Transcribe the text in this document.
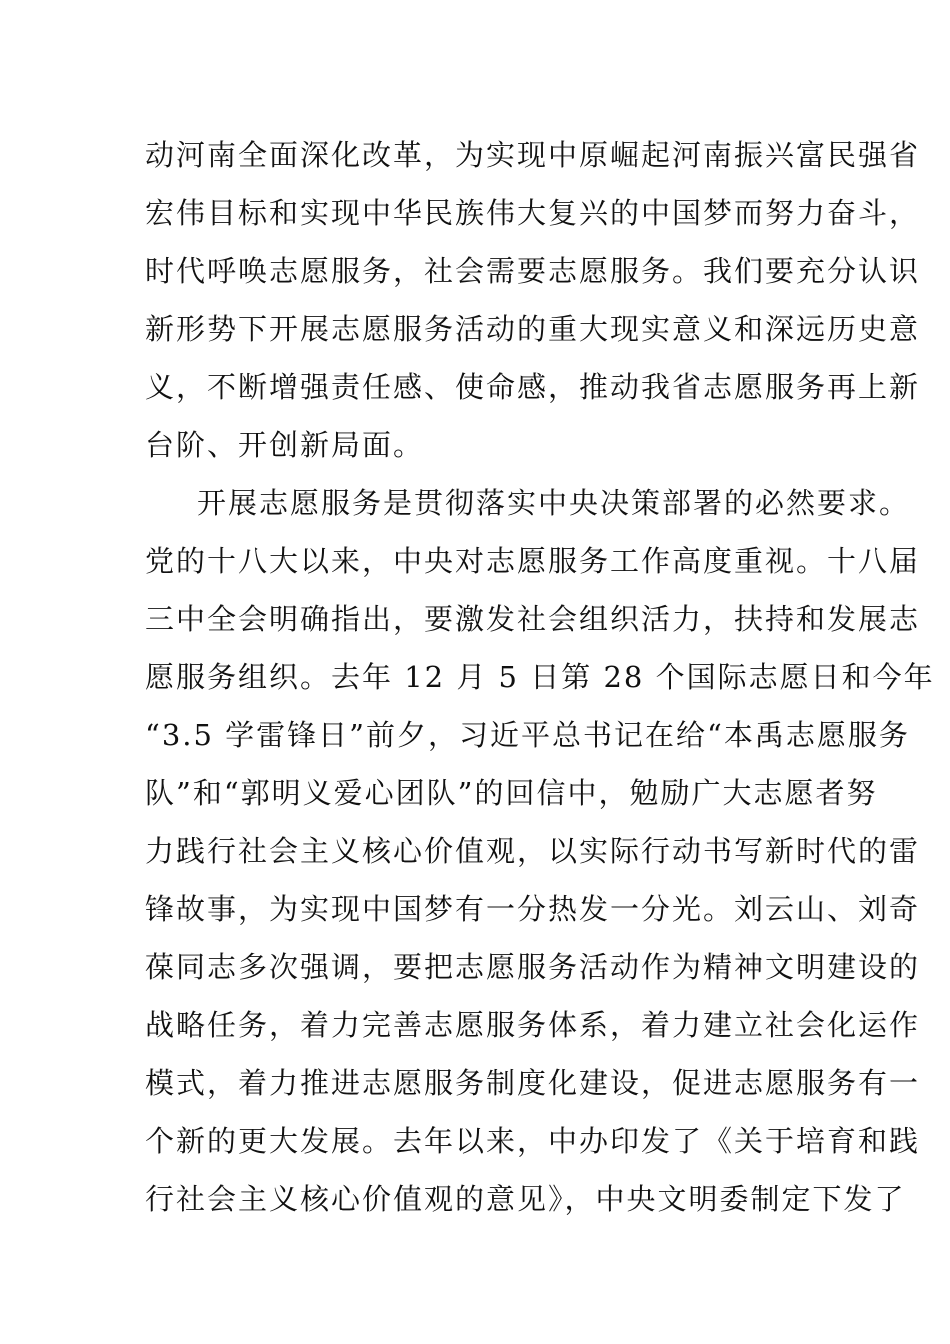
动河南全面深化改革，为实现中原崛起河南振兴富民强省
宏伟目标和实现中华民族伟大复兴的中国梦而努力奋斗，
时代呼唤志愿服务，社会需要志愿服务。我们要充分认识
新形势下开展志愿服务活动的重大现实意义和深远历史意
义，不断增强责任感、使命感，推动我省志愿服务再上新
台阶、开创新局面。
开展志愿服务是贯彻落实中央决策部署的必然要求。
党的十八大以来，中央对志愿服务工作高度重视。十八届
三中全会明确指出，要激发社会组织活力，扶持和发展志
愿服务组织。去年 12 月 5 日第 28 个国际志愿日和今年
“3.5 学雷锋日”前夕，习近平总书记在给“本禹志愿服务
队”和“郭明义爱心团队”的回信中，勉励广大志愿者努
力践行社会主义核心价值观，以实际行动书写新时代的雷
锋故事，为实现中国梦有一分热发一分光。刘云山、刘奇
葆同志多次强调，要把志愿服务活动作为精神文明建设的
战略任务，着力完善志愿服务体系，着力建立社会化运作
模式，着力推进志愿服务制度化建设，促进志愿服务有一
个新的更大发展。去年以来，中办印发了《关于培育和践
行社会主义核心价值观的意见》，中央文明委制定下发了
